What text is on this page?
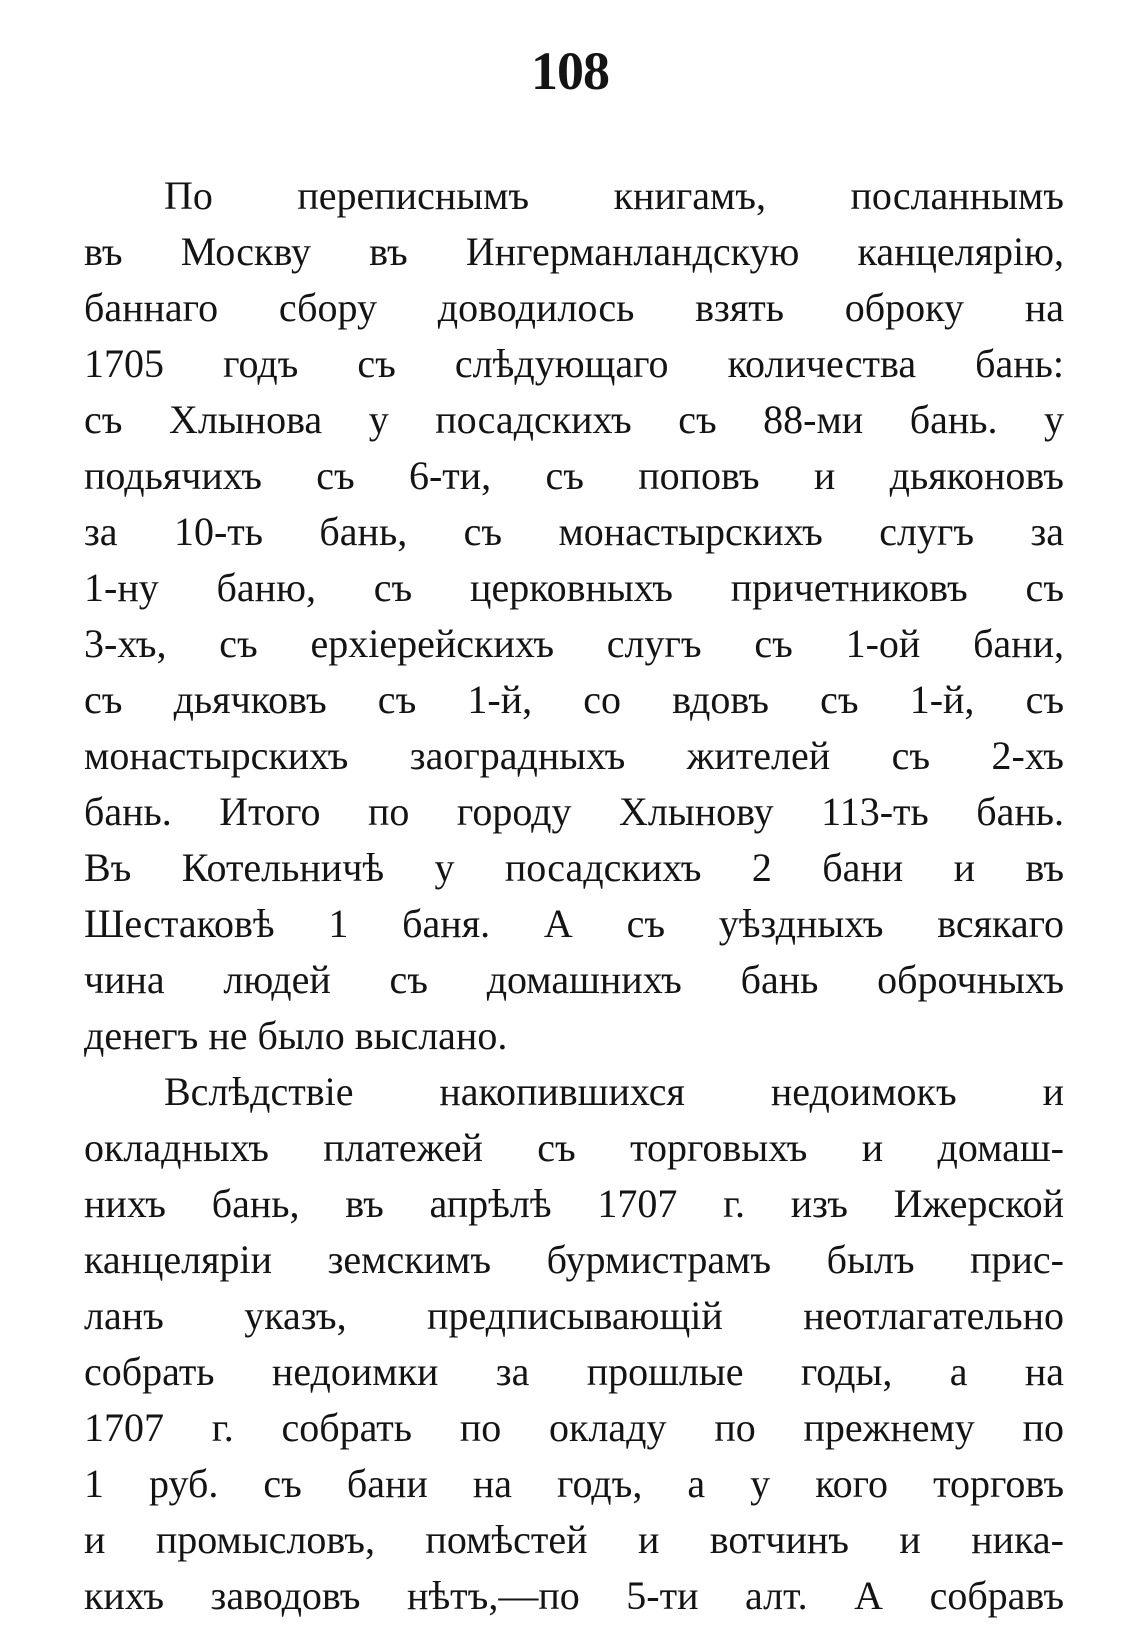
108
По переписнымъ книгамъ, посланнымъ
въ Москву въ Ингерманландскую канцелярiю,
баннаго сбору доводилось взять оброку на
1705 годъ съ слѣдующаго количества бань:
съ Хлынова у посадскихъ съ 88-ми бань. у
подьячихъ съ 6-ти, съ поповъ и дьяконовъ
за 10-ть бань, съ монастырскихъ слугъ за
1-ну баню, съ церковныхъ причетниковъ съ
3-хъ, съ ерхiерейскихъ слугъ съ 1-ой бани,
съ дьячковъ съ 1-й, со вдовъ съ 1-й, съ
монастырскихъ заоградныхъ жителей съ 2-хъ
бань. Итого по городу Хлынову 113-ть бань.
Въ Котельничѣ у посадскихъ 2 бани и въ
Шестаковѣ 1 баня. А съ уѣздныхъ всякаго
чина людей съ домашнихъ бань оброчныхъ
денегъ не было выслано.
Вслѣдствiе накопившихся недоимокъ и
окладныхъ платежей съ торговыхъ и домаш-
нихъ бань, въ апрѣлѣ 1707 г. изъ Ижерской
канцелярiи земскимъ бурмистрамъ былъ прис-
ланъ указъ, предписывающiй неотлагательно
собрать недоимки за прошлые годы, а на
1707 г. собрать по окладу по прежнему по
1 руб. съ бани на годъ, а у кого торговъ
и промысловъ, помѣстей и вотчинъ и ника-
кихъ заводовъ нѣтъ,—по 5-ти алт. А собравъ
